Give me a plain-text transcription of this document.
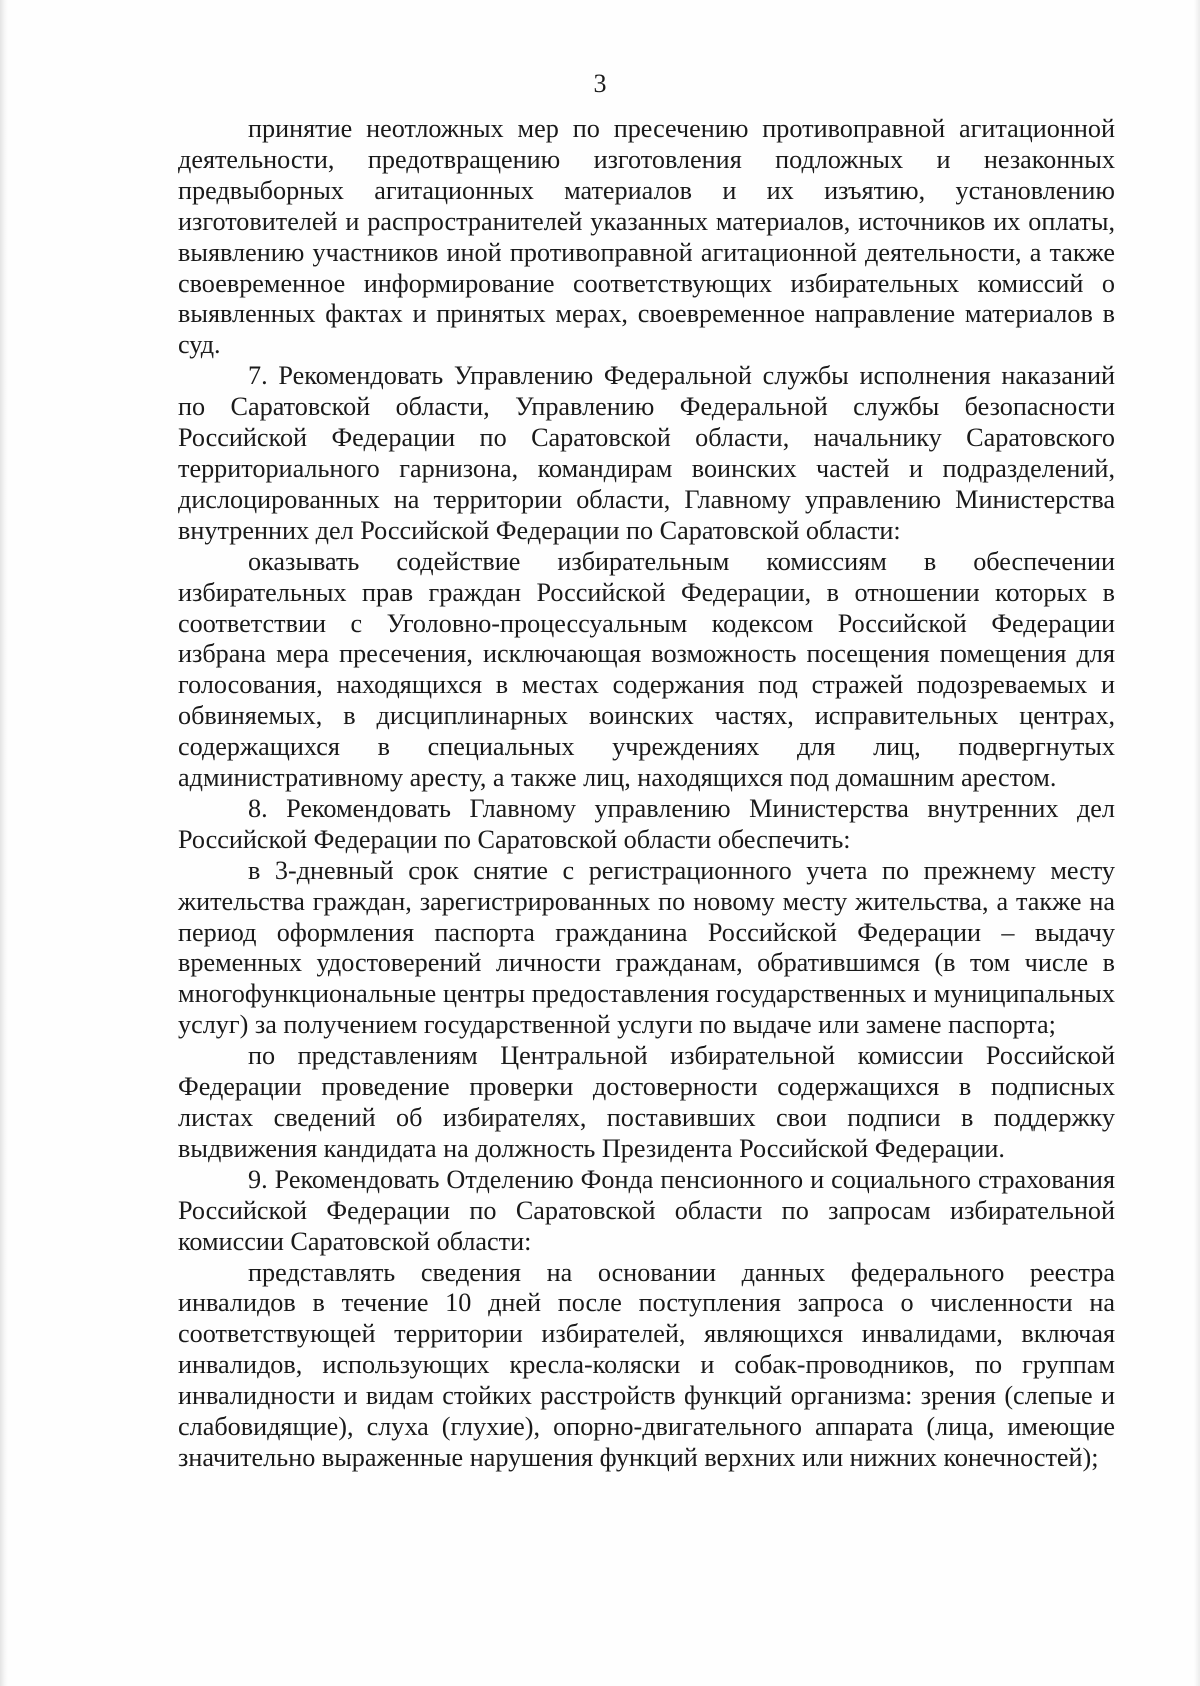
3

принятие неотложных мер по пресечению противоправной агитационной деятельности, предотвращению изготовления подложных и незаконных предвыборных агитационных материалов и их изъятию, установлению изготовителей и распространителей указанных материалов, источников их оплаты, выявлению участников иной противоправной агитационной деятельности, а также своевременное информирование соответствующих избирательных комиссий о выявленных фактах и принятых мерах, своевременное направление материалов в суд.

7. Рекомендовать Управлению Федеральной службы исполнения наказаний по Саратовской области, Управлению Федеральной службы безопасности Российской Федерации по Саратовской области, начальнику Саратовского территориального гарнизона, командирам воинских частей и подразделений, дислоцированных на территории области, Главному управлению Министерства внутренних дел Российской Федерации по Саратовской области:

оказывать содействие избирательным комиссиям в обеспечении избирательных прав граждан Российской Федерации, в отношении которых в соответствии с Уголовно-процессуальным кодексом Российской Федерации избрана мера пресечения, исключающая возможность посещения помещения для голосования, находящихся в местах содержания под стражей подозреваемых и обвиняемых, в дисциплинарных воинских частях, исправительных центрах, содержащихся в специальных учреждениях для лиц, подвергнутых административному аресту, а также лиц, находящихся под домашним арестом.

8. Рекомендовать Главному управлению Министерства внутренних дел Российской Федерации по Саратовской области обеспечить:

в 3-дневный срок снятие с регистрационного учета по прежнему месту жительства граждан, зарегистрированных по новому месту жительства, а также на период оформления паспорта гражданина Российской Федерации – выдачу временных удостоверений личности гражданам, обратившимся (в том числе в многофункциональные центры предоставления государственных и муниципальных услуг) за получением государственной услуги по выдаче или замене паспорта;

по представлениям Центральной избирательной комиссии Российской Федерации проведение проверки достоверности содержащихся в подписных листах сведений об избирателях, поставивших свои подписи в поддержку выдвижения кандидата на должность Президента Российской Федерации.

9. Рекомендовать Отделению Фонда пенсионного и социального страхования Российской Федерации по Саратовской области по запросам избирательной комиссии Саратовской области:

представлять сведения на основании данных федерального реестра инвалидов в течение 10 дней после поступления запроса о численности на соответствующей территории избирателей, являющихся инвалидами, включая инвалидов, использующих кресла-коляски и собак-проводников, по группам инвалидности и видам стойких расстройств функций организма: зрения (слепые и слабовидящие), слуха (глухие), опорно-двигательного аппарата (лица, имеющие значительно выраженные нарушения функций верхних или нижних конечностей);
